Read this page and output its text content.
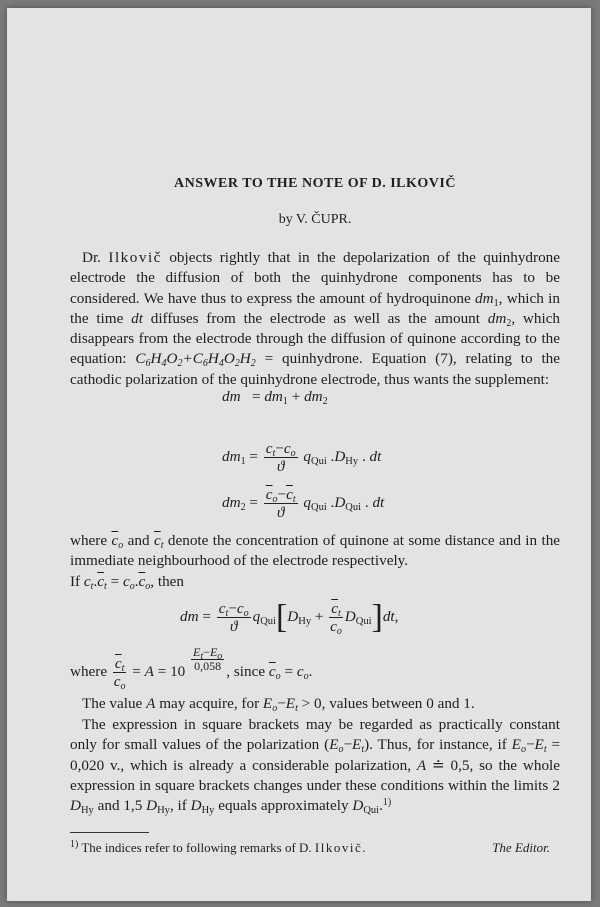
ANSWER TO THE NOTE OF D. ILKOVIČ
by V. ČUPR.
Dr. Ilkovič objects rightly that in the depolarization of the quinhydrone electrode the diffusion of both the quinhydrone components has to be considered. We have thus to express the amount of hydroquinone $dm_1$, which in the time dt diffuses from the electrode as well as the amount $dm_2$, which disappears from the electrode through the diffusion of quinone according to the equation: $C_6H_4O_2+C_6H_4O_2H_2$ = quinhydrone. Equation (7), relating to the cathodic polarization of the quinhydrone electrode, thus wants the supplement:
dm = $dm_1 + dm_2$
$dm_1 = \frac{c_t-c_o}{ϑ} q_{Qui}$ $.D_{Hy}$ . dt
$dm_2 = \frac{\overline{c}_o-\overline{c}_t}{ϑ} q_{Qui}$ $.D_{Qui}$ . dt
where $\overline{c}_o$ and $\overline{c}_t$ denote the concentration of quinone at some distance and in the immediate neighbourhood of the electrode respectively.
If $c_t.\overline{c}_t = c_o.\overline{c}_o$, then
dm = $\frac{c_t-c_o}{ϑ} q_{Qui}[D_{Hy} + \frac{\overline{c}_t}{c_o} D_{Qui}]dt$,
where $\frac{\overline{c}_t}{c_o} = A = 10 \frac{E_t-E_o}{0,058}$ , since $\overline{c}_o = c_o$.
The value A may acquire, for $E_o-E_t > 0$, values between 0 and 1.
The expression in square brackets may be regarded as practically constant only for small values of the polarization $(E_o-E_t)$. Thus, for instance, if $E_o-E_t = 0,020$ v., which is already a considerable polarization, A ≐ 0,5, so the whole expression in square brackets changes under these conditions within the limits 2 $D_{Hy}$ and 1,5 $D_{Hy}$, if $D_{Hy}$ equals approximately $D_{Qui}.^{1)}$
$^{1)}$ The indices refer to following remarks of D. Ilkovič.	The Editor.
